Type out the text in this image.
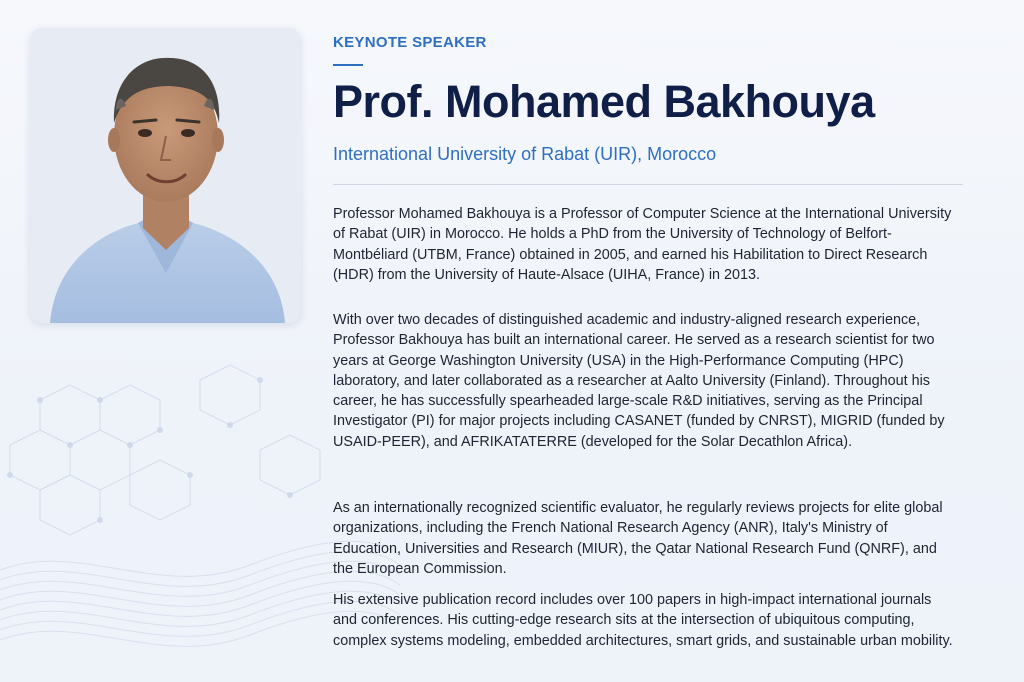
KEYNOTE SPEAKER
Prof. Mohamed Bakhouya
International University of Rabat (UIR), Morocco

Professor Mohamed Bakhouya is a Professor of Computer Science at the International University of Rabat (UIR) in Morocco. He holds a PhD from the University of Technology of Belfort-Montbéliard (UTBM, France) obtained in 2005, and earned his Habilitation to Direct Research (HDR) from the University of Haute-Alsace (UIHA, France) in 2013.

With over two decades of distinguished academic and industry-aligned research experience, Professor Bakhouya has built an international career. He served as a research scientist for two years at George Washington University (USA) in the High-Performance Computing (HPC) laboratory, and later collaborated as a researcher at Aalto University (Finland). Throughout his career, he has successfully spearheaded large-scale R&D initiatives, serving as the Principal Investigator (PI) for major projects including CASANET (funded by CNRST), MIGRID (funded by USAID-PEER), and AFRIKATATERRE (developed for the Solar Decathlon Africa).

As an internationally recognized scientific evaluator, he regularly reviews projects for elite global organizations, including the French National Research Agency (ANR), Italy's Ministry of Education, Universities and Research (MIUR), the Qatar National Research Fund (QNRF), and the European Commission.

His extensive publication record includes over 100 papers in high-impact international journals and conferences. His cutting-edge research sits at the intersection of ubiquitous computing, complex systems modeling, embedded architectures, smart grids, and sustainable urban mobility.
